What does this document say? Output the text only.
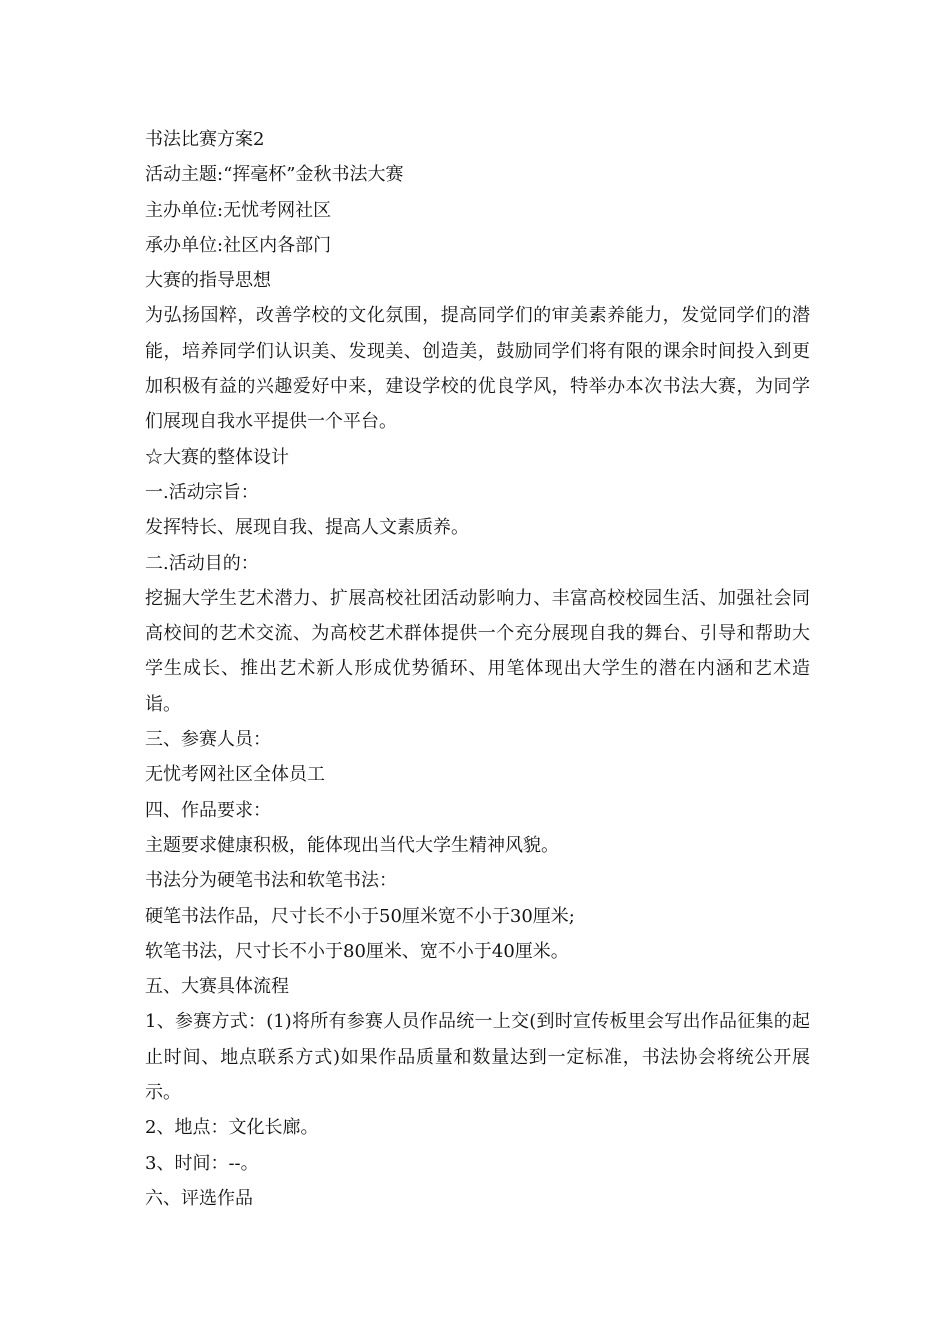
书法比赛方案2
活动主题:“挥毫杯”金秋书法大赛
主办单位:无忧考网社区
承办单位:社区内各部门
大赛的指导思想
为弘扬国粹，改善学校的文化氛围，提高同学们的审美素养能力，发觉同学们的潜能，培养同学们认识美、发现美、创造美，鼓励同学们将有限的课余时间投入到更加积极有益的兴趣爱好中来，建设学校的优良学风，特举办本次书法大赛，为同学们展现自我水平提供一个平台。
☆大赛的整体设计
一.活动宗旨：
发挥特长、展现自我、提高人文素质养。
二.活动目的：
挖掘大学生艺术潜力、扩展高校社团活动影响力、丰富高校校园生活、加强社会同高校间的艺术交流、为高校艺术群体提供一个充分展现自我的舞台、引导和帮助大学生成长、推出艺术新人形成优势循环、用笔体现出大学生的潜在内涵和艺术造诣。
三、参赛人员：
无忧考网社区全体员工
四、作品要求：
主题要求健康积极，能体现出当代大学生精神风貌。
书法分为硬笔书法和软笔书法：
硬笔书法作品，尺寸长不小于50厘米宽不小于30厘米;
软笔书法，尺寸长不小于80厘米、宽不小于40厘米。
五、大赛具体流程
1、参赛方式：(1)将所有参赛人员作品统一上交(到时宣传板里会写出作品征集的起止时间、地点联系方式)如果作品质量和数量达到一定标准，书法协会将统公开展示。
2、地点：文化长廊。
3、时间：--。
六、评选作品
